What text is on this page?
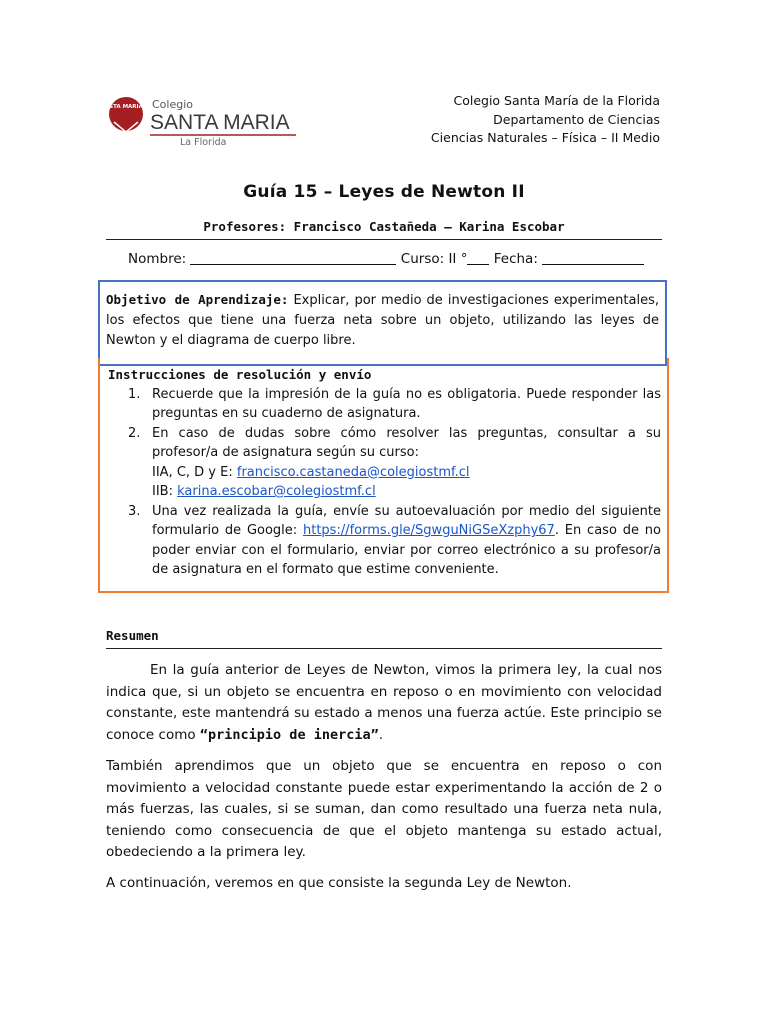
STA MARIA Colegio
SANTA MARIA
La Florida
Colegio Santa María de la Florida
Departamento de Ciencias
Ciencias Naturales – Física – II Medio
Guía 15 – Leyes de Newton II
Profesores: Francisco Castañeda – Karina Escobar
Nombre:	Curso: II ° Fecha:
Objetivo de Aprendizaje: Explicar, por medio de investigaciones experimentales, los efectos que tiene una fuerza neta sobre un objeto, utilizando las leyes de Newton y el diagrama de cuerpo libre.
Instrucciones de resolución y envío
1. Recuerde que la impresión de la guía no es obligatoria. Puede responder las preguntas en su cuaderno de asignatura.
2. En caso de dudas sobre cómo resolver las preguntas, consultar a su profesor/a de asignatura según su curso:
IIA, C, D y E: francisco.castaneda@colegiostmf.cl
IIB: karina.escobar@colegiostmf.cl
3. Una vez realizada la guía, envíe su autoevaluación por medio del siguiente formulario de Google: https://forms.gle/SgwguNiGSeXzphy67. En caso de no poder enviar con el formulario, enviar por correo electrónico a su profesor/a de asignatura en el formato que estime conveniente.
Resumen

En la guía anterior de Leyes de Newton, vimos la primera ley, la cual nos indica que, si un objeto se encuentra en reposo o en movimiento con velocidad constante, este mantendrá su estado a menos una fuerza actúe. Este principio se conoce como “principio de inercia”.

También aprendimos que un objeto que se encuentra en reposo o con movimiento a velocidad constante puede estar experimentando la acción de 2 o más fuerzas, las cuales, si se suman, dan como resultado una fuerza neta nula, teniendo como consecuencia de que el objeto mantenga su estado actual, obedeciendo a la primera ley.

A continuación, veremos en que consiste la segunda Ley de Newton.
